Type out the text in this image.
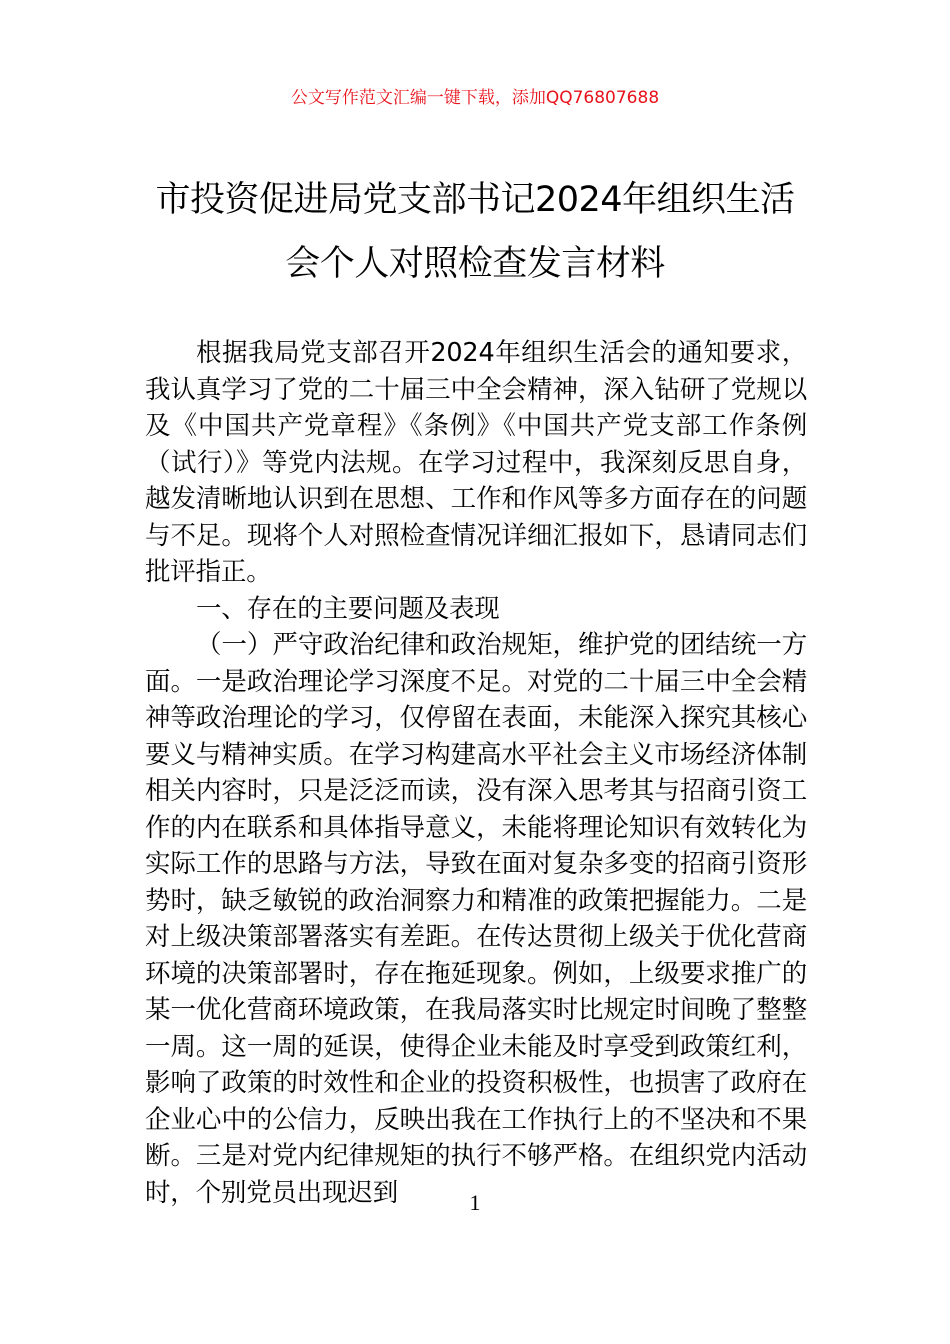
公文写作范文汇编一键下载，添加QQ76807688
市投资促进局党支部书记2024年组织生活
会个人对照检查发言材料

根据我局党支部召开2024年组织生活会的通知要求，我认真学习了党的二十届三中全会精神，深入钻研了党规以及《中国共产党章程》《条例》《中国共产党支部工作条例（试行）》等党内法规。在学习过程中，我深刻反思自身，越发清晰地认识到在思想、工作和作风等多方面存在的问题与不足。现将个人对照检查情况详细汇报如下，恳请同志们批评指正。

一、存在的主要问题及表现

（一）严守政治纪律和政治规矩，维护党的团结统一方面。一是政治理论学习深度不足。对党的二十届三中全会精神等政治理论的学习，仅停留在表面，未能深入探究其核心要义与精神实质。在学习构建高水平社会主义市场经济体制相关内容时，只是泛泛而读，没有深入思考其与招商引资工作的内在联系和具体指导意义，未能将理论知识有效转化为实际工作的思路与方法，导致在面对复杂多变的招商引资形势时，缺乏敏锐的政治洞察力和精准的政策把握能力。二是对上级决策部署落实有差距。在传达贯彻上级关于优化营商环境的决策部署时，存在拖延现象。例如，上级要求推广的某一优化营商环境政策，在我局落实时比规定时间晚了整整一周。这一周的延误，使得企业未能及时享受到政策红利，影响了政策的时效性和企业的投资积极性，也损害了政府在企业心中的公信力，反映出我在工作执行上的不坚决和不果断。三是对党内纪律规矩的执行不够严格。在组织党内活动时，个别党员出现迟到	1
